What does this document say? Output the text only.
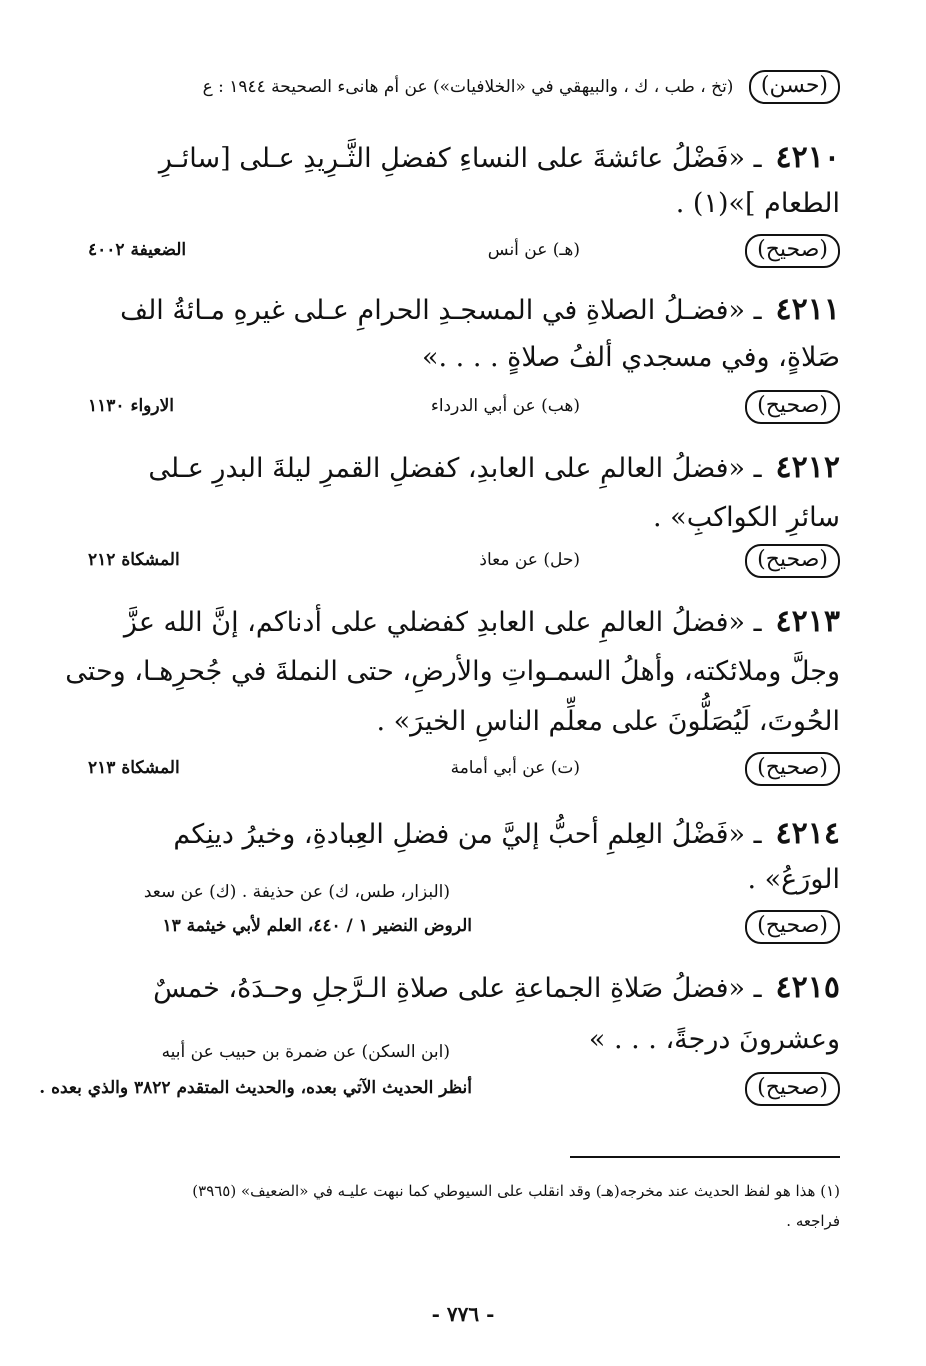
(حسن) (تخ ، طب ، ك ، والبيهقي في «الخلافيات») عن أم هانىء الصحيحة ١٩٤٤ : ع
٤٢١٠ـ «فَضْلُ عائشةَ على النساءِ كفضلِ الثَّـرِيدِ عـلى [سائـرِ
الطعام ]»(١) .
(صحيح)
(هـ) عن أنس
الضعيفة ٤٠٠٢
٤٢١١ـ «فضـلُ الصلاةِ في المسجـدِ الحرامِ عـلى غيرهِ مـائةُ الف
صَلاةٍ، وفي مسجدي ألفُ صلاةٍ . . . .»
(صحيح)
(هب) عن أبي الدرداء
الارواء ١١٣٠
٤٢١٢ـ «فضلُ العالمِ على العابدِ، كفضلِ القمرِ ليلةَ البدرِ عـلى
سائرِ الكواكبِ» .
(صحيح)
(حل) عن معاذ
المشكاة ٢١٢
٤٢١٣ـ «فضلُ العالمِ على العابدِ كفضلي على أدناكم، إنَّ الله عزَّ
وجلَّ وملائكته، وأهلُ السمـواتِ والأرضِ، حتى النملةَ في جُحرِهـا، وحتى
الحُوتَ، لَيُصَلُّونَ على معلِّم الناسِ الخيرَ» .
(صحيح)
(ت) عن أبي أمامة
المشكاة ٢١٣
٤٢١٤ـ «فَضْلُ العِلمِ أحبُّ إليَّ من فضلِ العِبادةِ، وخيرُ دينِكم
الورَعُ» .
(البزار، طس، ك) عن حذيفة . (ك) عن سعد
(صحيح)
الروض النضير ١ / ٤٤٠، العلم لأبي خيثمة ١٣
٤٢١٥ـ «فضلُ صَلاةِ الجماعةِ على صلاةِ الـرَّجلِ وحـدَهُ، خمسٌ
وعشرونَ درجةً، . . . »
(ابن السكن) عن ضمرة بن حبيب عن أبيه
(صحيح)
أنظر الحديث الآتي بعده، والحديث المتقدم ٣٨٢٢ والذي بعده .
(١) هذا هو لفظ الحديث عند مخرجه(هـ) وقد انقلب على السيوطي كما نبهت عليـه في «الضعيف» (٣٩٦٥)
فراجعه .
- ٧٧٦ -
